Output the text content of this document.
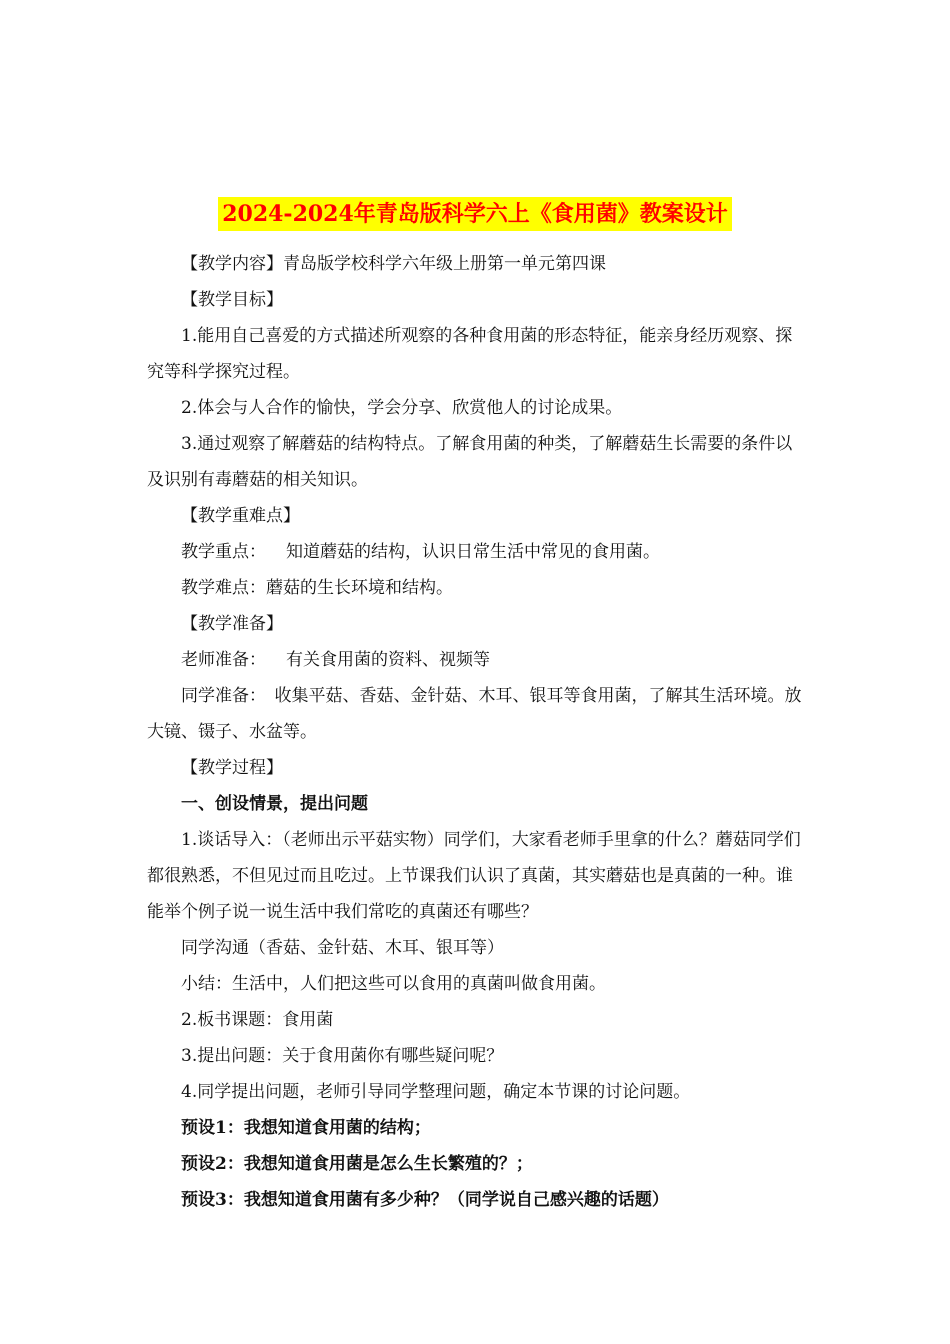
2024-2024年青岛版科学六上《食用菌》教案设计

【教学内容】青岛版学校科学六年级上册第一单元第四课

【教学目标】

1.能用自己喜爱的方式描述所观察的各种食用菌的形态特征，能亲身经历观察、探究等科学探究过程。

2.体会与人合作的愉快，学会分享、欣赏他人的讨论成果。

3.通过观察了解蘑菇的结构特点。了解食用菌的种类，了解蘑菇生长需要的条件以及识别有毒蘑菇的相关知识。

【教学重难点】

教学重点： 知道蘑菇的结构，认识日常生活中常见的食用菌。

教学难点：蘑菇的生长环境和结构。

【教学准备】

老师准备： 有关食用菌的资料、视频等

同学准备：　收集平菇、香菇、金针菇、木耳、银耳等食用菌，了解其生活环境。放大镜、镊子、水盆等。

【教学过程】

一、创设情景，提出问题

1.谈话导入：（老师出示平菇实物）同学们，大家看老师手里拿的什么？蘑菇同学们都很熟悉，不但见过而且吃过。上节课我们认识了真菌，其实蘑菇也是真菌的一种。谁能举个例子说一说生活中我们常吃的真菌还有哪些？

同学沟通（香菇、金针菇、木耳、银耳等）

小结：生活中，人们把这些可以食用的真菌叫做食用菌。

2.板书课题：食用菌

3.提出问题：关于食用菌你有哪些疑问呢？

4.同学提出问题，老师引导同学整理问题，确定本节课的讨论问题。

预设1：我想知道食用菌的结构；

预设2：我想知道食用菌是怎么生长繁殖的？；

预设3：我想知道食用菌有多少种？（同学说自己感兴趣的话题）
